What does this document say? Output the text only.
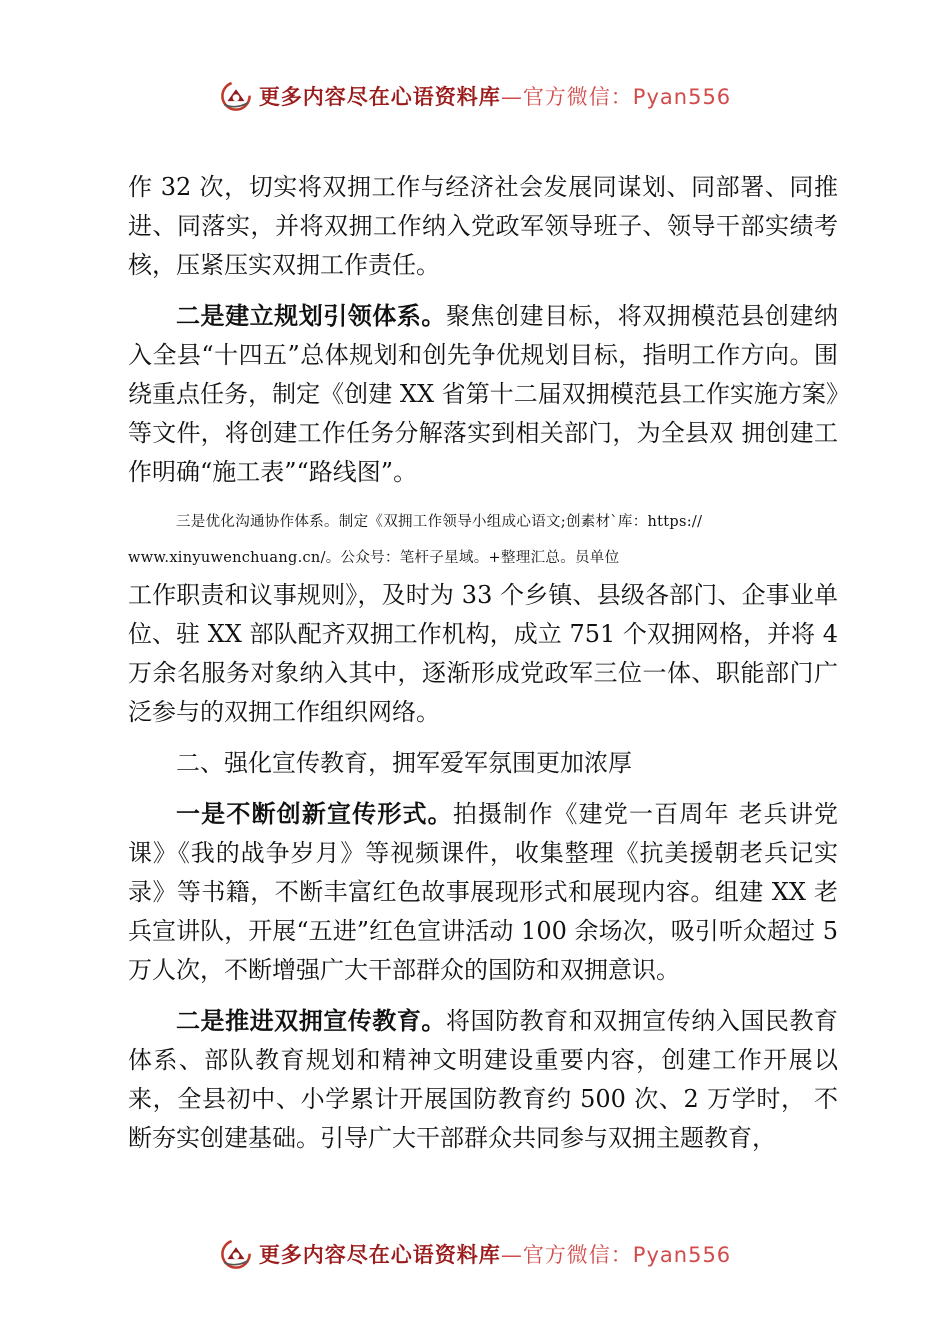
更多内容尽在心语资料库—官方微信：Pyan556

作 32 次，切实将双拥工作与经济社会发展同谋划、同部署、同推进、同落实，并将双拥工作纳入党政军领导班子、领导干部实绩考核，压紧压实双拥工作责任。

二是建立规划引领体系。聚焦创建目标，将双拥模范县创建纳入全县“十四五”总体规划和创先争优规划目标，指明工作方向。围绕重点任务，制定《创建 XX 省第十二届双拥模范县工作实施方案》等文件，将创建工作任务分解落实到相关部门，为全县双 拥创建工作明确“施工表”“路线图”。

三是优化沟通协作体系。制定《双拥工作领导小组成心语文;创素材`库：https://

www.xinyuwenchuang.cn/。公众号：笔杆子星域。+整理汇总。员单位

工作职责和议事规则》，及时为 33 个乡镇、县级各部门、企事业单位、驻 XX 部队配齐双拥工作机构，成立 751 个双拥网格，并将 4 万余名服务对象纳入其中，逐渐形成党政军三位一体、职能部门广泛参与的双拥工作组织网络。

二、强化宣传教育，拥军爱军氛围更加浓厚

一是不断创新宣传形式。拍摄制作《建党一百周年 老兵讲党课》《我的战争岁月》等视频课件，收集整理《抗美援朝老兵记实录》等书籍，不断丰富红色故事展现形式和展现内容。组建 XX 老兵宣讲队，开展“五进”红色宣讲活动 100 余场次，吸引听众超过 5 万人次，不断增强广大干部群众的国防和双拥意识。

二是推进双拥宣传教育。将国防教育和双拥宣传纳入国民教育体系、部队教育规划和精神文明建设重要内容，创建工作开展以来，全县初中、小学累计开展国防教育约 500 次、2 万学时， 不断夯实创建基础。引导广大干部群众共同参与双拥主题教育，

更多内容尽在心语资料库—官方微信：Pyan556
